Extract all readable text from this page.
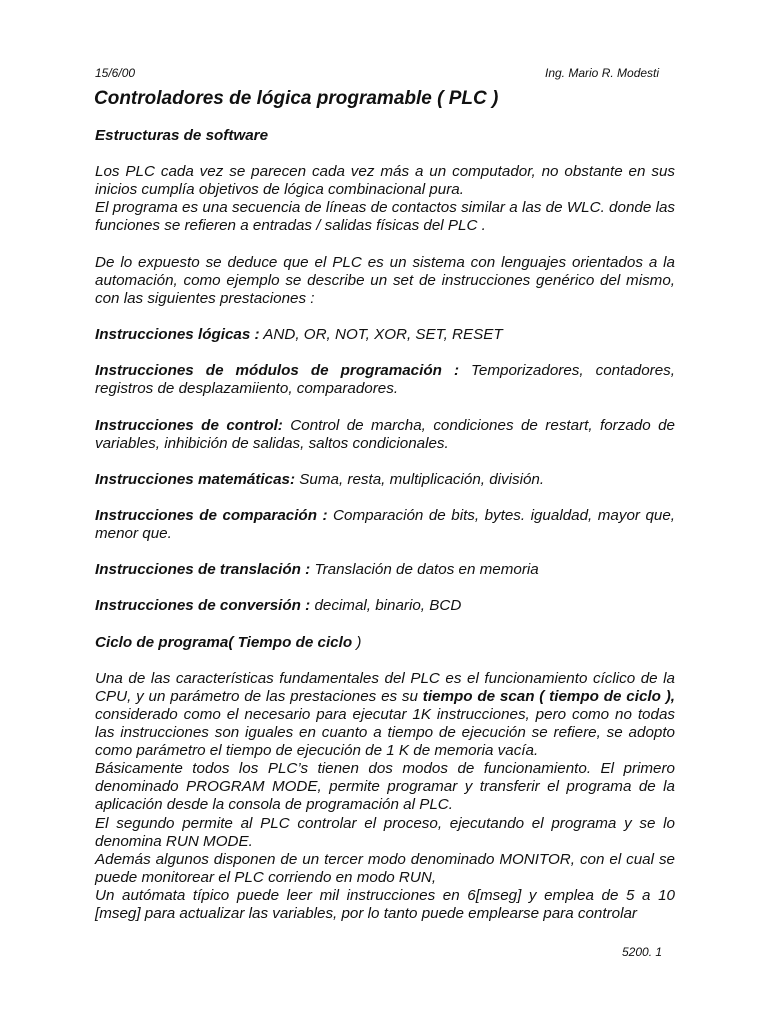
15/6/00	Ing. Mario R. Modesti
Controladores de lógica programable ( PLC )

Estructuras de software

Los PLC cada vez se parecen cada vez más a un computador, no obstante en sus inicios cumplía objetivos de lógica combinacional pura.

El programa es una secuencia de líneas de contactos similar a las de WLC. donde las funciones se refieren a entradas / salidas físicas del PLC .

De lo expuesto se deduce que el PLC es un sistema con lenguajes orientados a la automación, como ejemplo se describe un set de instrucciones genérico del mismo, con las siguientes prestaciones :

Instrucciones lógicas : AND, OR, NOT, XOR, SET, RESET

Instrucciones de módulos de programación : Temporizadores, contadores, registros de desplazamiiento, comparadores.

Instrucciones de control: Control de marcha, condiciones de restart, forzado de variables, inhibición de salidas, saltos condicionales.

Instrucciones matemáticas: Suma, resta, multiplicación, división.

Instrucciones de comparación : Comparación de bits, bytes. igualdad, mayor que, menor que.

Instrucciones de translación : Translación de datos en memoria

Instrucciones de conversión : decimal, binario, BCD

Ciclo de programa( Tiempo de ciclo )

Una de las características fundamentales del PLC es el funcionamiento cíclico de la CPU, y un parámetro de las prestaciones es su tiempo de scan ( tiempo de ciclo ), considerado como el necesario para ejecutar 1K instrucciones, pero como no todas las instrucciones son iguales en cuanto a tiempo de ejecución se refiere, se adopto como parámetro el tiempo de ejecución de 1 K de memoria vacía.

Básicamente todos los PLC’s tienen dos modos de funcionamiento. El primero denominado PROGRAM MODE, permite programar y transferir el programa de la aplicación desde la consola de programación al PLC.

El segundo permite al PLC controlar el proceso, ejecutando el programa y se lo denomina RUN MODE.

Además algunos disponen de un tercer modo denominado MONITOR, con el cual se puede monitorear el PLC corriendo en modo RUN,

Un autómata típico puede leer mil instrucciones en 6[mseg] y emplea de 5 a 10 [mseg] para actualizar las variables, por lo tanto puede emplearse para controlar

5200. 1
